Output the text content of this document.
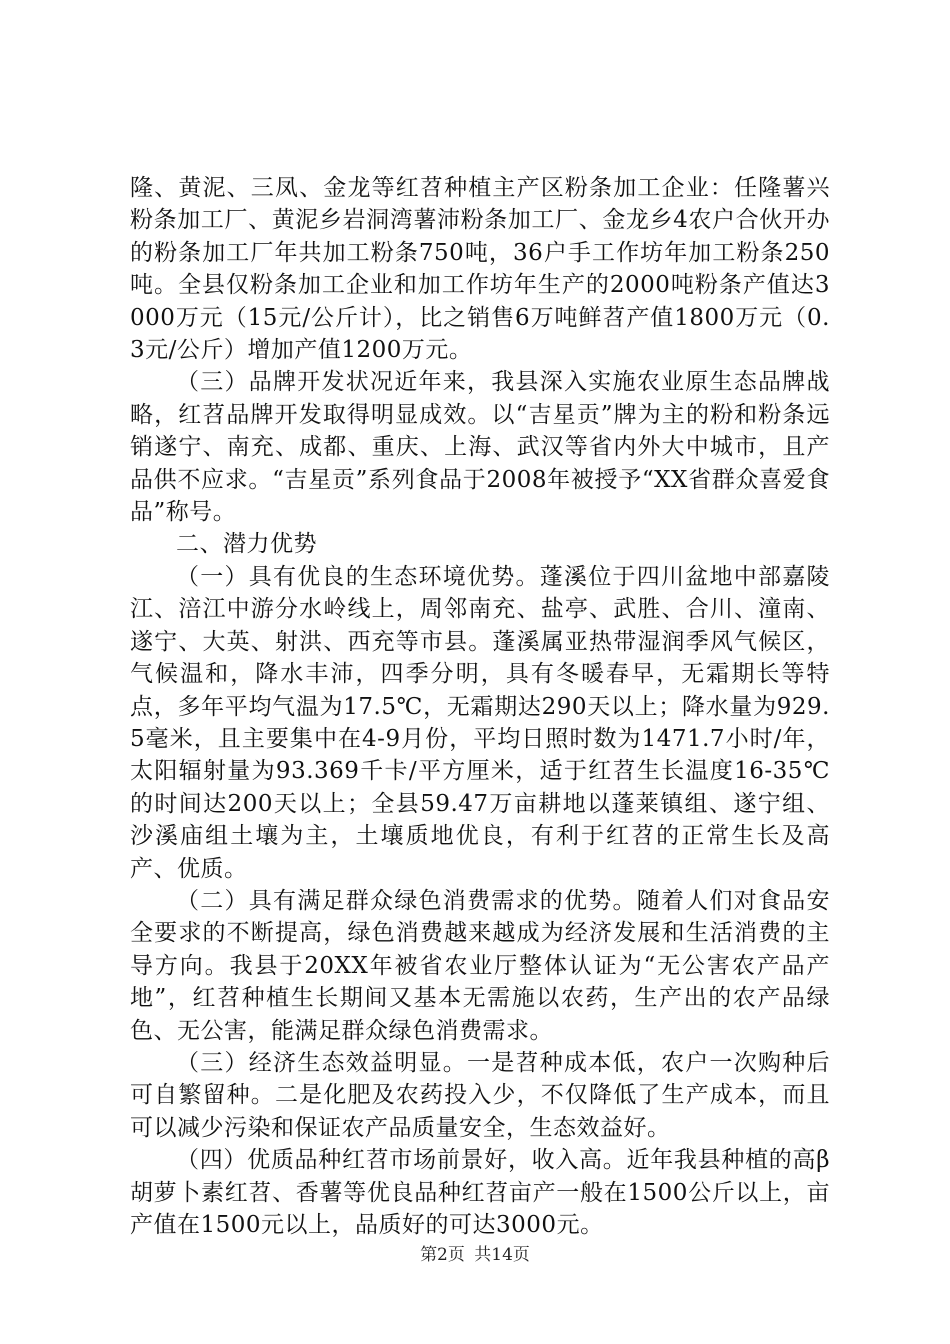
隆、黄泥、三凤、金龙等红苕种植主产区粉条加工企业：任隆薯兴粉条加工厂、黄泥乡岩洞湾薯沛粉条加工厂、金龙乡4农户合伙开办的粉条加工厂年共加工粉条750吨，36户手工作坊年加工粉条250吨。全县仅粉条加工企业和加工作坊年生产的2000吨粉条产值达3000万元（15元/公斤计），比之销售6万吨鲜苕产值1800万元（0.3元/公斤）增加产值1200万元。

（三）品牌开发状况近年来，我县深入实施农业原生态品牌战略，红苕品牌开发取得明显成效。以“吉星贡”牌为主的粉和粉条远销遂宁、南充、成都、重庆、上海、武汉等省内外大中城市，且产品供不应求。“吉星贡”系列食品于2008年被授予“XX省群众喜爱食品”称号。

二、潜力优势

（一）具有优良的生态环境优势。蓬溪位于四川盆地中部嘉陵江、涪江中游分水岭线上，周邻南充、盐亭、武胜、合川、潼南、遂宁、大英、射洪、西充等市县。蓬溪属亚热带湿润季风气候区，气候温和，降水丰沛，四季分明，具有冬暖春早，无霜期长等特点，多年平均气温为17.5℃，无霜期达290天以上；降水量为929.5毫米，且主要集中在4-9月份，平均日照时数为1471.7小时/年，太阳辐射量为93.369千卡/平方厘米，适于红苕生长温度16-35℃的时间达200天以上；全县59.47万亩耕地以蓬莱镇组、遂宁组、沙溪庙组土壤为主，土壤质地优良，有利于红苕的正常生长及高产、优质。

（二）具有满足群众绿色消费需求的优势。随着人们对食品安全要求的不断提高，绿色消费越来越成为经济发展和生活消费的主导方向。我县于20XX年被省农业厅整体认证为“无公害农产品产地”，红苕种植生长期间又基本无需施以农药，生产出的农产品绿色、无公害，能满足群众绿色消费需求。

（三）经济生态效益明显。一是苕种成本低，农户一次购种后可自繁留种。二是化肥及农药投入少，不仅降低了生产成本，而且可以减少污染和保证农产品质量安全，生态效益好。

（四）优质品种红苕市场前景好，收入高。近年我县种植的高β胡萝卜素红苕、香薯等优良品种红苕亩产一般在1500公斤以上，亩产值在1500元以上，品质好的可达3000元。

第2页 共14页
